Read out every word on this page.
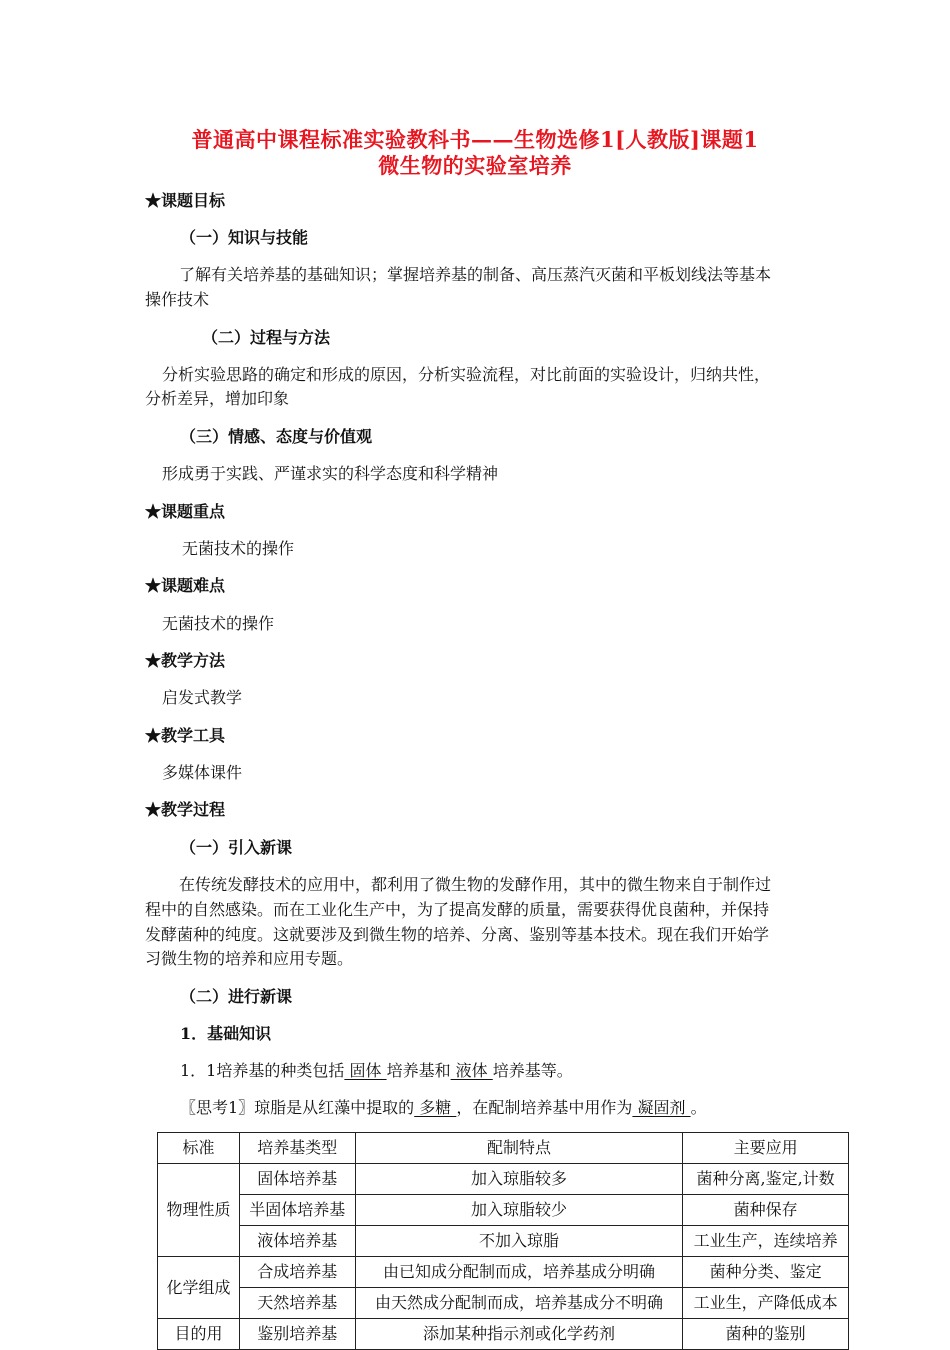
普通高中课程标准实验教科书——生物选修1[人教版]课题1
微生物的实验室培养
★课题目标
（一）知识与技能
了解有关培养基的基础知识；掌握培养基的制备、高压蒸汽灭菌和平板划线法等基本
操作技术
（二）过程与方法
分析实验思路的确定和形成的原因，分析实验流程，对比前面的实验设计，归纳共性，
分析差异，增加印象
（三）情感、态度与价值观
形成勇于实践、严谨求实的科学态度和科学精神
★课题重点
无菌技术的操作
★课题难点
无菌技术的操作
★教学方法
启发式教学
★教学工具
多媒体课件
★教学过程
（一）引入新课
在传统发酵技术的应用中，都利用了微生物的发酵作用，其中的微生物来自于制作过
程中的自然感染。而在工业化生产中，为了提高发酵的质量，需要获得优良菌种，并保持
发酵菌种的纯度。这就要涉及到微生物的培养、分离、鉴别等基本技术。现在我们开始学
习微生物的培养和应用专题。
（二）进行新课
1．基础知识
1．1培养基的种类包括 固体 培养基和 液体 培养基等。
〖思考1〗琼脂是从红藻中提取的 多糖 ，在配制培养基中用作为 凝固剂 。
标准	培养基类型	配制特点	主要应用
物理性质	固体培养基	加入琼脂较多	菌种分离,鉴定,计数
	半固体培养基	加入琼脂较少	菌种保存
	液体培养基	不加入琼脂	工业生产，连续培养
化学组成	合成培养基	由已知成分配制而成，培养基成分明确	菌种分类、鉴定
	天然培养基	由天然成分配制而成，培养基成分不明确	工业生，产降低成本
目的用	鉴别培养基	添加某种指示剂或化学药剂	菌种的鉴别
